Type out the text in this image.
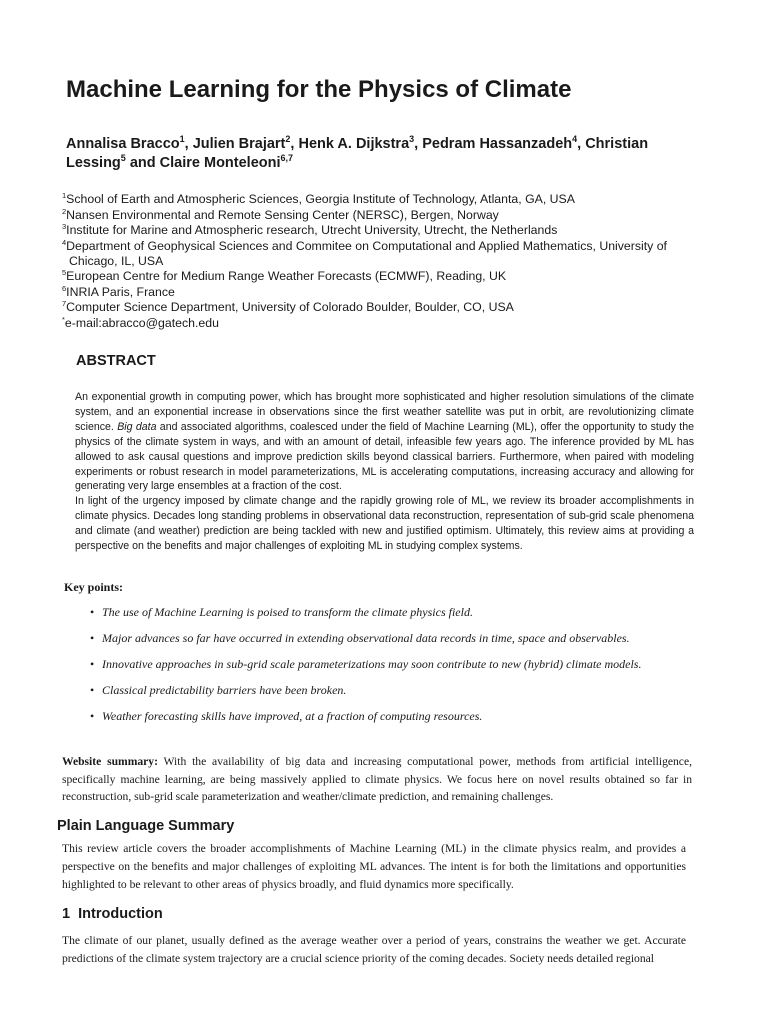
Machine Learning for the Physics of Climate
Annalisa Bracco$^1$, Julien Brajart$^2$, Henk A. Dijkstra$^3$, Pedram Hassanzadeh$^4$, Christian Lessing$^5$ and Claire Monteleoni$^{6,7}$
$^1$School of Earth and Atmospheric Sciences, Georgia Institute of Technology, Atlanta, GA, USA
$^2$Nansen Environmental and Remote Sensing Center (NERSC), Bergen, Norway
$^3$Institute for Marine and Atmospheric research, Utrecht University, Utrecht, the Netherlands
$^4$Department of Geophysical Sciences and Commitee on Computational and Applied Mathematics, University of
Chicago, IL, USA
$^5$European Centre for Medium Range Weather Forecasts (ECMWF), Reading, UK
$^6$INRIA Paris, France
$^7$Computer Science Department, University of Colorado Boulder, Boulder, CO, USA
*e-mail:abracco@gatech.edu
ABSTRACT

An exponential growth in computing power, which has brought more sophisticated and higher resolution simulations of the climate system, and an exponential increase in observations since the first weather satellite was put in orbit, are revolutionizing climate science. Big data and associated algorithms, coalesced under the field of Machine Learning (ML), offer the opportunity to study the physics of the climate system in ways, and with an amount of detail, infeasible few years ago. The inference provided by ML has allowed to ask causal questions and improve prediction skills beyond classical barriers. Furthermore, when paired with modeling experiments or robust research in model parameterizations, ML is accelerating computations, increasing accuracy and allowing for generating very large ensembles at a fraction of the cost.

In light of the urgency imposed by climate change and the rapidly growing role of ML, we review its broader accomplishments in climate physics. Decades long standing problems in observational data reconstruction, representation of sub-grid scale phenomena and climate (and weather) prediction are being tackled with new and justified optimism. Ultimately, this review aims at providing a perspective on the benefits and major challenges of exploiting ML in studying complex systems.

Key points:
• The use of Machine Learning is poised to transform the climate physics field.
• Major advances so far have occurred in extending observational data records in time, space and observables.
• Innovative approaches in sub-grid scale parameterizations may soon contribute to new (hybrid) climate models.
• Classical predictability barriers have been broken.
• Weather forecasting skills have improved, at a fraction of computing resources.

Website summary: With the availability of big data and increasing computational power, methods from artificial intelligence, specifically machine learning, are being massively applied to climate physics. We focus here on novel results obtained so far in reconstruction, sub-grid scale parameterization and weather/climate prediction, and remaining challenges.

Plain Language Summary

This review article covers the broader accomplishments of Machine Learning (ML) in the climate physics realm, and provides a perspective on the benefits and major challenges of exploiting ML advances. The intent is for both the limitations and opportunities highlighted to be relevant to other areas of physics broadly, and fluid dynamics more specifically.

1 Introduction

The climate of our planet, usually defined as the average weather over a period of years, constrains the weather we get. Accurate predictions of the climate system trajectory are a crucial science priority of the coming decades. Society needs detailed regional
